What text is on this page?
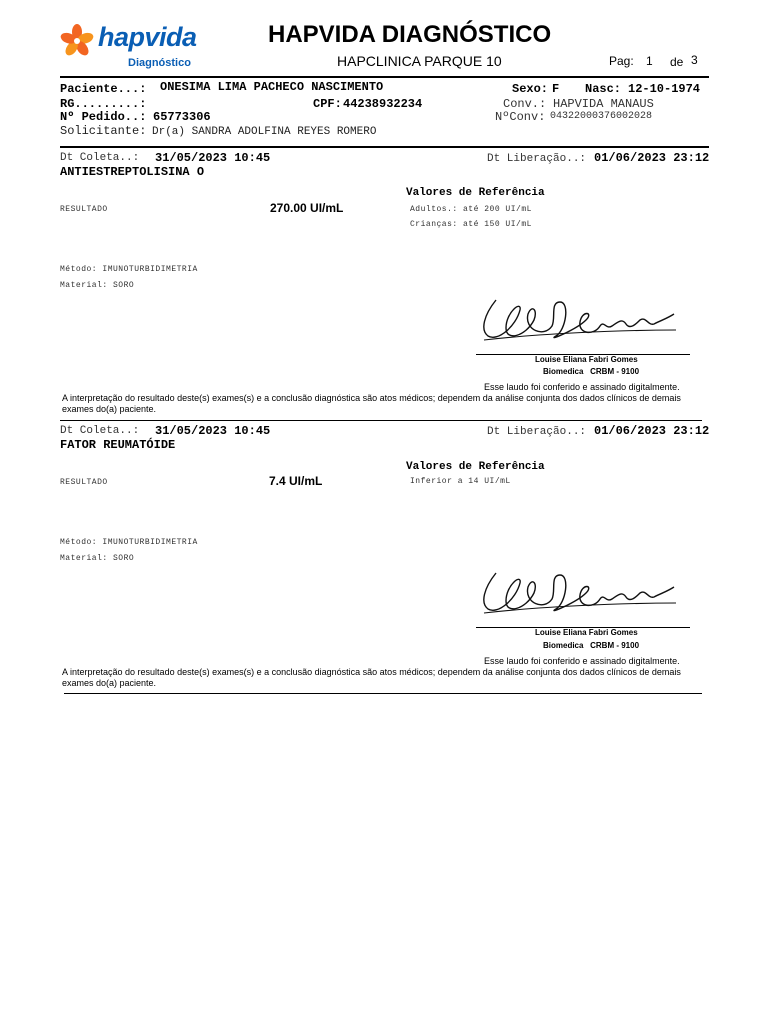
hapvida
Diagnóstico
HAPVIDA DIAGNÓSTICO
HAPCLINICA PARQUE 10	Pag: 1 de 3
Paciente...: ONESIMA LIMA PACHECO NASCIMENTO	Sexo: F Nasc: 12-10-1974
RG.........:	CPF: 44238932234	Conv.: HAPVIDA MANAUS
Nº Pedido..: 65773306	NºConv: 04322000376002028
Solicitante: Dr(a) SANDRA ADOLFINA REYES ROMERO
Dt Coleta..: 31/05/2023 10:45	Dt Liberação..: 01/06/2023 23:12
ANTIESTREPTOLISINA O
Valores de Referência
RESULTADO	270.00 UI/mL	Adultos.: até 200 UI/mL
Crianças: até 150 UI/mL
Método: IMUNOTURBIDIMETRIA
Material: SORO
Louise Eliana Fabri Gomes
Biomedica   CRBM - 9100
Esse laudo foi conferido e assinado digitalmente.
A interpretação do resultado deste(s) exames(s) e a conclusão diagnóstica são atos médicos; dependem da análise conjunta dos dados clínicos de demais
exames do(a) paciente.
Dt Coleta..: 31/05/2023 10:45	Dt Liberação..: 01/06/2023 23:12
FATOR REUMATÓIDE
Valores de Referência
RESULTADO	7.4 UI/mL	Inferior a 14 UI/mL
Método: IMUNOTURBIDIMETRIA
Material: SORO
Louise Eliana Fabri Gomes
Biomedica   CRBM - 9100
Esse laudo foi conferido e assinado digitalmente.
A interpretação do resultado deste(s) exames(s) e a conclusão diagnóstica são atos médicos; dependem da análise conjunta dos dados clínicos de demais
exames do(a) paciente.
